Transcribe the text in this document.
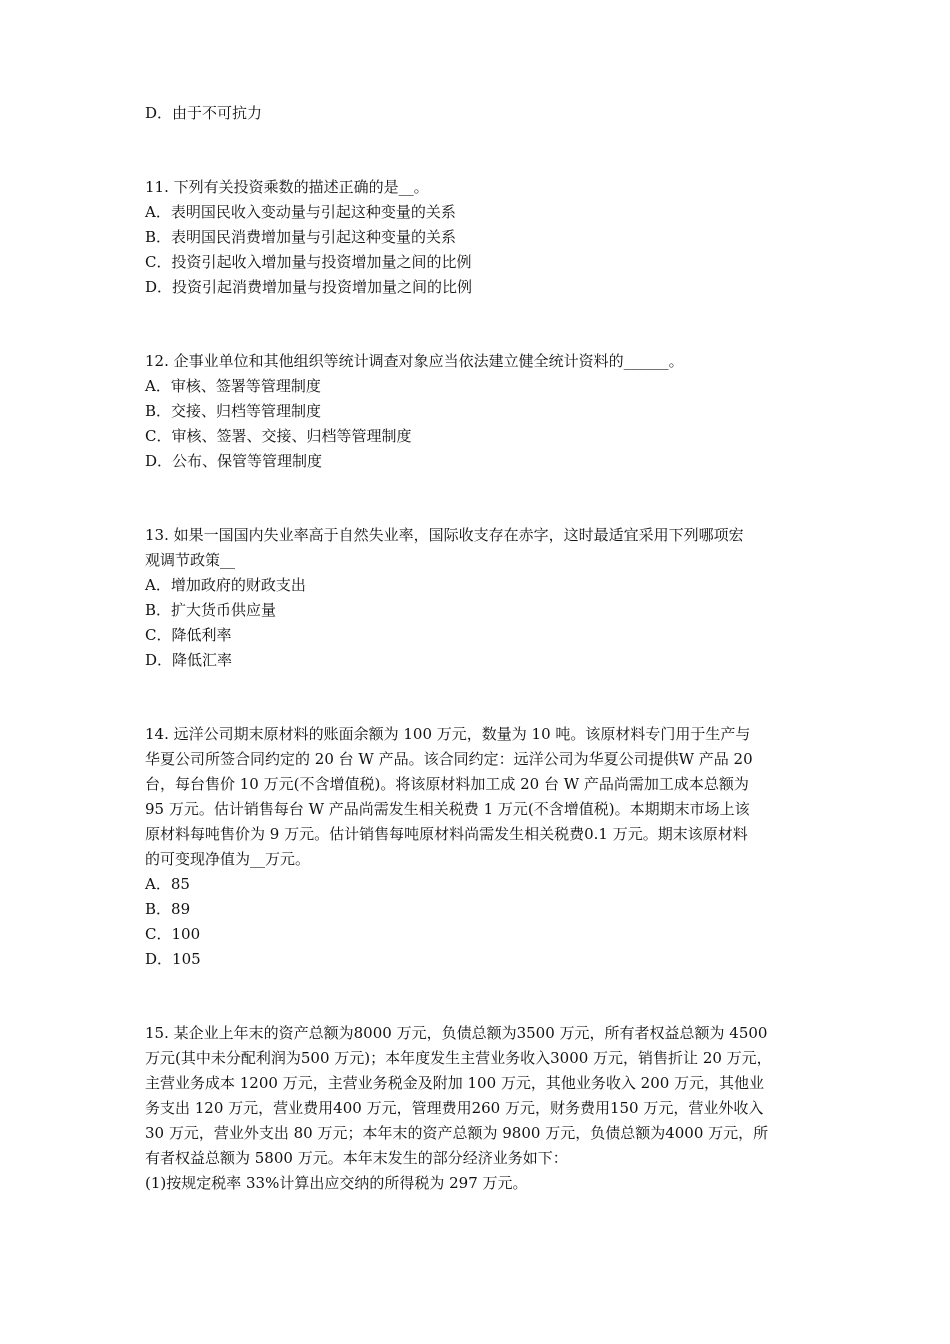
D．由于不可抗力
11. 下列有关投资乘数的描述正确的是__。
A．表明国民收入变动量与引起这种变量的关系
B．表明国民消费增加量与引起这种变量的关系
C．投资引起收入增加量与投资增加量之间的比例
D．投资引起消费增加量与投资增加量之间的比例
12. 企事业单位和其他组织等统计调查对象应当依法建立健全统计资料的______。
A．审核、签署等管理制度
B．交接、归档等管理制度
C．审核、签署、交接、归档等管理制度
D．公布、保管等管理制度
13. 如果一国国内失业率高于自然失业率，国际收支存在赤字，这时最适宜采用下列哪项宏
观调节政策__
A．增加政府的财政支出
B．扩大货币供应量
C．降低利率
D．降低汇率
14. 远洋公司期末原材料的账面余额为 100 万元，数量为 10 吨。该原材料专门用于生产与
华夏公司所签合同约定的 20 台 W 产品。该合同约定：远洋公司为华夏公司提供W 产品 20
台，每台售价 10 万元(不含增值税)。将该原材料加工成 20 台 W 产品尚需加工成本总额为
95 万元。估计销售每台 W 产品尚需发生相关税费 1 万元(不含增值税)。本期期末市场上该
原材料每吨售价为 9 万元。估计销售每吨原材料尚需发生相关税费0.1 万元。期末该原材料
的可变现净值为__万元。
A．85
B．89
C．100
D．105
15. 某企业上年末的资产总额为8000 万元，负债总额为3500 万元，所有者权益总额为 4500
万元(其中未分配利润为500 万元)；本年度发生主营业务收入3000 万元，销售折让 20 万元，
主营业务成本 1200 万元，主营业务税金及附加 100 万元，其他业务收入 200 万元，其他业
务支出 120 万元，营业费用400 万元，管理费用260 万元，财务费用150 万元，营业外收入
30 万元，营业外支出 80 万元；本年末的资产总额为 9800 万元，负债总额为4000 万元，所
有者权益总额为 5800 万元。本年末发生的部分经济业务如下：
(1)按规定税率 33%计算出应交纳的所得税为 297 万元。
